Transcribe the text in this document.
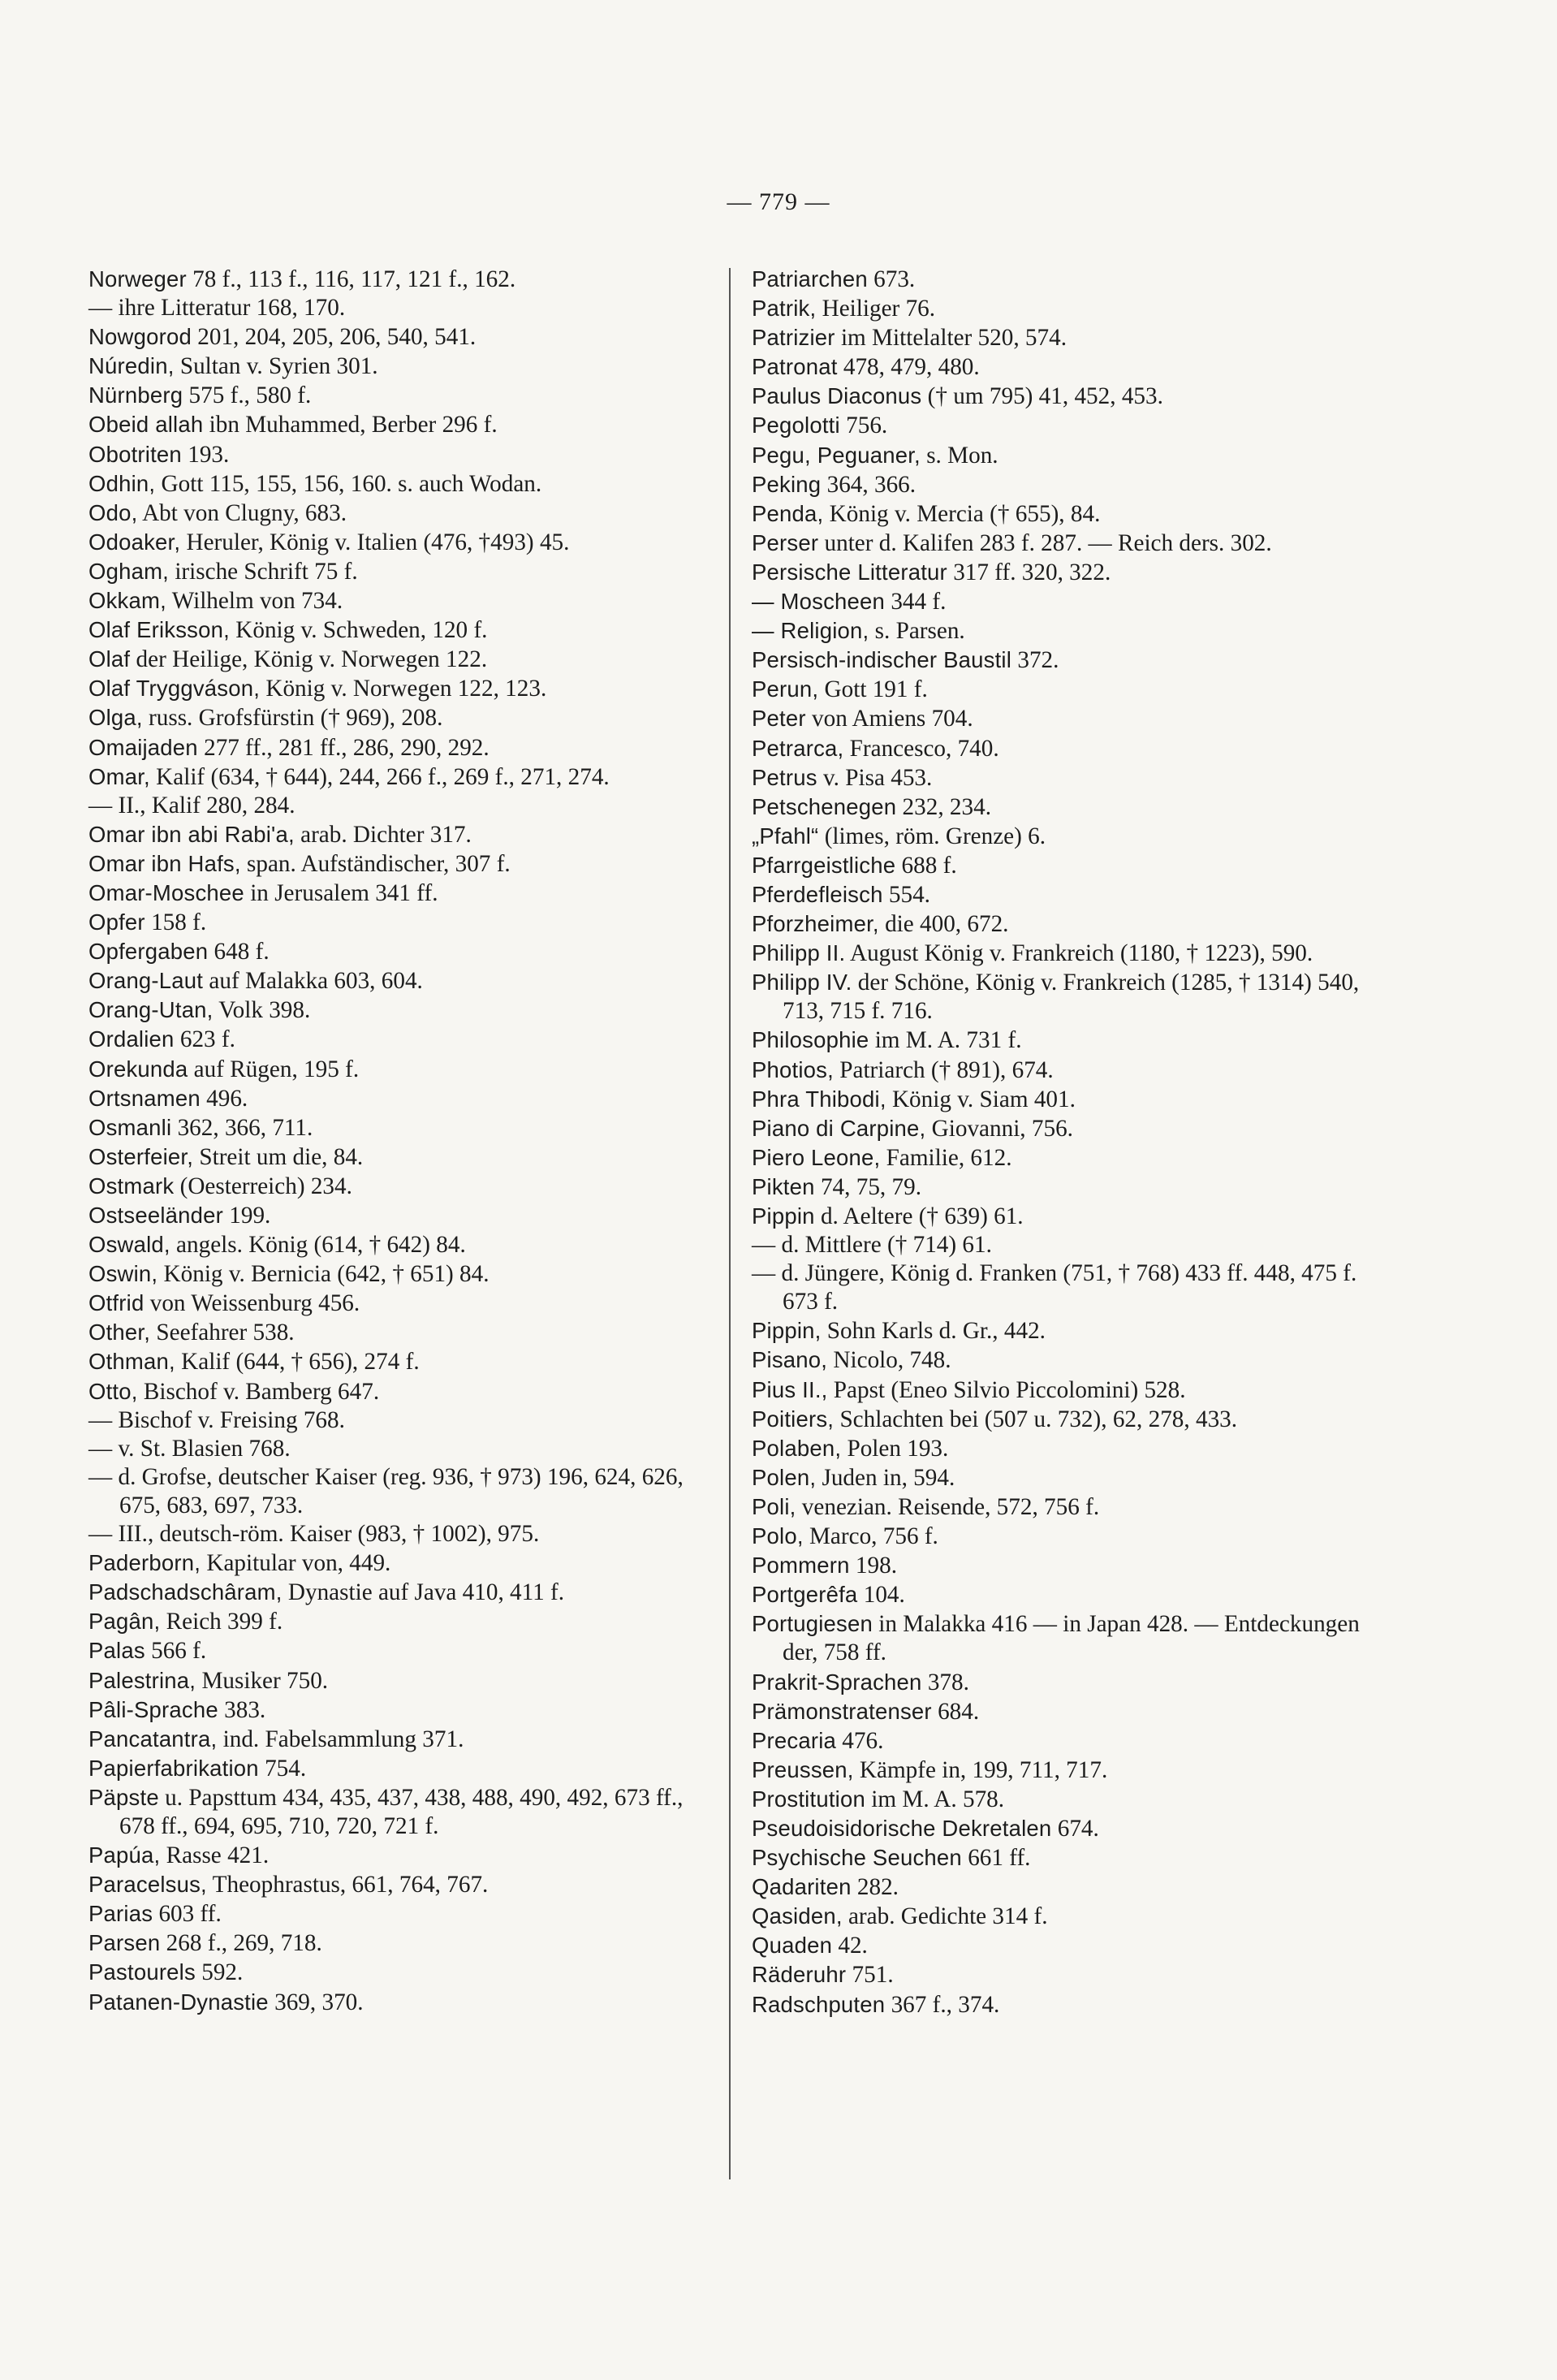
— 779 —
Norweger 78 f., 113 f., 116, 117, 121 f., 162.
— ihre Litteratur 168, 170.
Nowgorod 201, 204, 205, 206, 540, 541.
Núredin, Sultan v. Syrien 301.
Nürnberg 575 f., 580 f.
Obeid allah ibn Muhammed, Berber 296 f.
Obotriten 193.
Odhin, Gott 115, 155, 156, 160. s. auch Wodan.
Odo, Abt von Clugny, 683.
Odoaker, Heruler, König v. Italien (476, †493) 45.
Ogham, irische Schrift 75 f.
Okkam, Wilhelm von 734.
Olaf Eriksson, König v. Schweden, 120 f.
Olaf der Heilige, König v. Norwegen 122.
Olaf Tryggváson, König v. Norwegen 122, 123.
Olga, russ. Grofsfürstin († 969), 208.
Omaijaden 277 ff., 281 ff., 286, 290, 292.
Omar, Kalif (634, † 644), 244, 266 f., 269 f., 271, 274.
— II., Kalif 280, 284.
Omar ibn abi Rabi'a, arab. Dichter 317.
Omar ibn Hafs, span. Aufständischer, 307 f.
Omar-Moschee in Jerusalem 341 ff.
Opfer 158 f.
Opfergaben 648 f.
Orang-Laut auf Malakka 603, 604.
Orang-Utan, Volk 398.
Ordalien 623 f.
Orekunda auf Rügen, 195 f.
Ortsnamen 496.
Osmanli 362, 366, 711.
Osterfeier, Streit um die, 84.
Ostmark (Oesterreich) 234.
Ostseeländer 199.
Oswald, angels. König (614, † 642) 84.
Oswin, König v. Bernicia (642, † 651) 84.
Otfrid von Weissenburg 456.
Other, Seefahrer 538.
Othman, Kalif (644, † 656), 274 f.
Otto, Bischof v. Bamberg 647.
— Bischof v. Freising 768.
— v. St. Blasien 768.
— d. Grofse, deutscher Kaiser (reg. 936, † 973) 196, 624, 626, 675, 683, 697, 733.
— III., deutsch-röm. Kaiser (983, † 1002), 975.
Paderborn, Kapitular von, 449.
Padschadschâram, Dynastie auf Java 410, 411 f.
Pagân, Reich 399 f.
Palas 566 f.
Palestrina, Musiker 750.
Pâli-Sprache 383.
Pancatantra, ind. Fabelsammlung 371.
Papierfabrikation 754.
Päpste u. Papsttum 434, 435, 437, 438, 488, 490, 492, 673 ff., 678 ff., 694, 695, 710, 720, 721 f.
Papúa, Rasse 421.
Paracelsus, Theophrastus, 661, 764, 767.
Parias 603 ff.
Parsen 268 f., 269, 718.
Pastourels 592.
Patanen-Dynastie 369, 370.
Patriarchen 673.
Patrik, Heiliger 76.
Patrizier im Mittelalter 520, 574.
Patronat 478, 479, 480.
Paulus Diaconus († um 795) 41, 452, 453.
Pegolotti 756.
Pegu, Peguaner, s. Mon.
Peking 364, 366.
Penda, König v. Mercia († 655), 84.
Perser unter d. Kalifen 283 f. 287. — Reich ders. 302.
Persische Litteratur 317 ff. 320, 322.
— Moscheen 344 f.
— Religion, s. Parsen.
Persisch-indischer Baustil 372.
Perun, Gott 191 f.
Peter von Amiens 704.
Petrarca, Francesco, 740.
Petrus v. Pisa 453.
Petschenegen 232, 234.
„Pfahl“ (limes, röm. Grenze) 6.
Pfarrgeistliche 688 f.
Pferdefleisch 554.
Pforzheimer, die 400, 672.
Philipp II. August König v. Frankreich (1180, † 1223), 590.
Philipp IV. der Schöne, König v. Frankreich (1285, † 1314) 540, 713, 715 f. 716.
Philosophie im M. A. 731 f.
Photios, Patriarch († 891), 674.
Phra Thibodi, König v. Siam 401.
Piano di Carpine, Giovanni, 756.
Piero Leone, Familie, 612.
Pikten 74, 75, 79.
Pippin d. Aeltere († 639) 61.
— d. Mittlere († 714) 61.
— d. Jüngere, König d. Franken (751, † 768) 433 ff. 448, 475 f. 673 f.
Pippin, Sohn Karls d. Gr., 442.
Pisano, Nicolo, 748.
Pius II., Papst (Eneo Silvio Piccolomini) 528.
Poitiers, Schlachten bei (507 u. 732), 62, 278, 433.
Polaben, Polen 193.
Polen, Juden in, 594.
Poli, venezian. Reisende, 572, 756 f.
Polo, Marco, 756 f.
Pommern 198.
Portgerêfa 104.
Portugiesen in Malakka 416 — in Japan 428. — Entdeckungen der, 758 ff.
Prakrit-Sprachen 378.
Prämonstratenser 684.
Precaria 476.
Preussen, Kämpfe in, 199, 711, 717.
Prostitution im M. A. 578.
Pseudoisidorische Dekretalen 674.
Psychische Seuchen 661 ff.
Qadariten 282.
Qasiden, arab. Gedichte 314 f.
Quaden 42.
Räderuhr 751.
Radschputen 367 f., 374.
